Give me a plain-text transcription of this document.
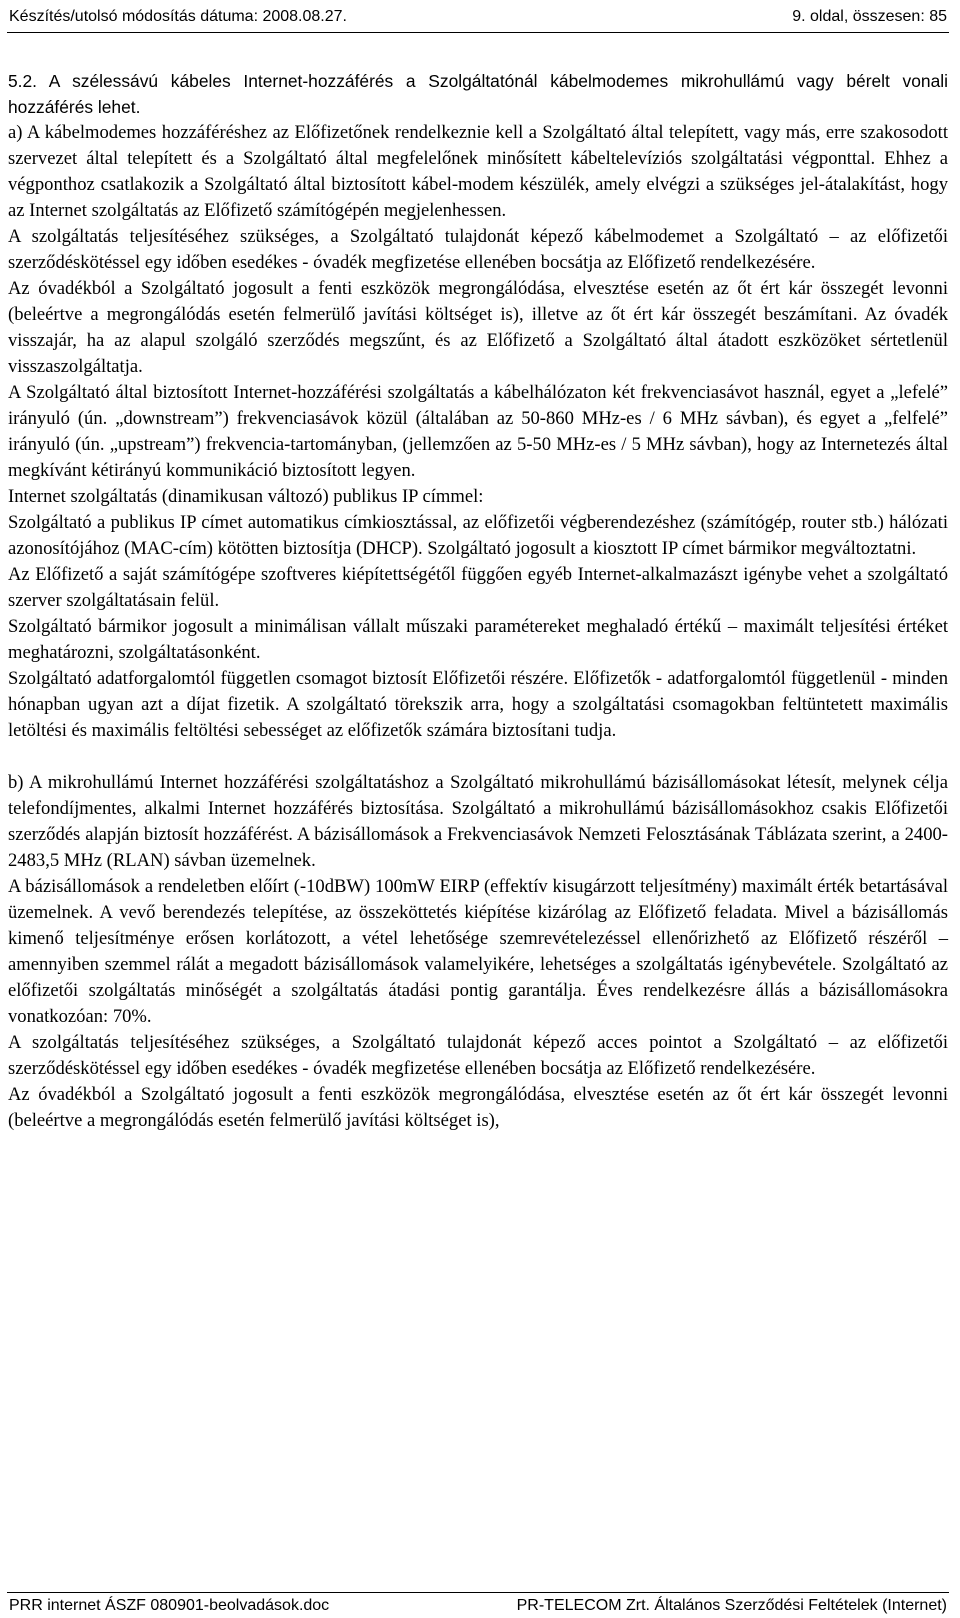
Készítés/utolsó módosítás dátuma: 2008.08.27.	9. oldal, összesen: 85

5.2. A szélessávú kábeles Internet-hozzáférés a Szolgáltatónál kábelmodemes mikrohullámú vagy bérelt vonali hozzáférés lehet.

a) A kábelmodemes hozzáféréshez az Előfizetőnek rendelkeznie kell a Szolgáltató által telepített, vagy más, erre szakosodott szervezet által telepített és a Szolgáltató által megfelelőnek minősített kábeltelevíziós szolgáltatási végponttal. Ehhez a végponthoz csatlakozik a Szolgáltató által biztosított kábel-modem készülék, amely elvégzi a szükséges jel-átalakítást, hogy az Internet szolgáltatás az Előfizető számítógépén megjelenhessen.

A szolgáltatás teljesítéséhez szükséges, a Szolgáltató tulajdonát képező kábelmodemet a Szolgáltató – az előfizetői szerződéskötéssel egy időben esedékes - óvadék megfizetése ellenében bocsátja az Előfizető rendelkezésére.

Az óvadékból a Szolgáltató jogosult a fenti eszközök megrongálódása, elvesztése esetén az őt ért kár összegét levonni (beleértve a megrongálódás esetén felmerülő javítási költséget is), illetve az őt ért kár összegét beszámítani. Az óvadék visszajár, ha az alapul szolgáló szerződés megszűnt, és az Előfizető a Szolgáltató által átadott eszközöket sértetlenül visszaszolgáltatja.

A Szolgáltató által biztosított Internet-hozzáférési szolgáltatás a kábelhálózaton két frekvenciasávot használ, egyet a „lefelé” irányuló (ún. „downstream”) frekvenciasávok közül (általában az 50-860 MHz-es / 6 MHz sávban), és egyet a „felfelé” irányuló (ún. „upstream”) frekvencia-tartományban, (jellemzően az 5-50 MHz-es / 5 MHz sávban), hogy az Internetezés által megkívánt kétirányú kommunikáció biztosított legyen.

Internet szolgáltatás (dinamikusan változó) publikus IP címmel:

Szolgáltató a publikus IP címet automatikus címkiosztással, az előfizetői végberendezéshez (számítógép, router stb.) hálózati azonosítójához (MAC-cím) kötötten biztosítja (DHCP). Szolgáltató jogosult a kiosztott IP címet bármikor megváltoztatni.

Az Előfizető a saját számítógépe szoftveres kiépítettségétől függően egyéb Internet-alkalmazászt igénybe vehet a szolgáltató szerver szolgáltatásain felül.

Szolgáltató bármikor jogosult a minimálisan vállalt műszaki paramétereket meghaladó értékű – maximált teljesítési értéket meghatározni, szolgáltatásonként.

Szolgáltató adatforgalomtól független csomagot biztosít Előfizetői részére. Előfizetők - adatforgalomtól függetlenül - minden hónapban ugyan azt a díjat fizetik. A szolgáltató törekszik arra, hogy a szolgáltatási csomagokban feltüntetett maximális letöltési és maximális feltöltési sebességet az előfizetők számára biztosítani tudja.

b) A mikrohullámú Internet hozzáférési szolgáltatáshoz a Szolgáltató mikrohullámú bázisállomásokat létesít, melynek célja telefondíjmentes, alkalmi Internet hozzáférés biztosítása. Szolgáltató a mikrohullámú bázisállomásokhoz csakis Előfizetői szerződés alapján biztosít hozzáférést. A bázisállomások a Frekvenciasávok Nemzeti Felosztásának Táblázata szerint, a 2400-2483,5 MHz (RLAN) sávban üzemelnek.

A bázisállomások a rendeletben előírt (-10dBW) 100mW EIRP (effektív kisugárzott teljesítmény) maximált érték betartásával üzemelnek. A vevő berendezés telepítése, az összeköttetés kiépítése kizárólag az Előfizető feladata. Mivel a bázisállomás kimenő teljesítménye erősen korlátozott, a vétel lehetősége szemrevételezéssel ellenőrizhető az Előfizető részéről – amennyiben szemmel rálát a megadott bázisállomások valamelyikére, lehetséges a szolgáltatás igénybevétele. Szolgáltató az előfizetői szolgáltatás minőségét a szolgáltatás átadási pontig garantálja. Éves rendelkezésre állás a bázisállomásokra vonatkozóan: 70%.

A szolgáltatás teljesítéséhez szükséges, a Szolgáltató tulajdonát képező acces pointot a Szolgáltató – az előfizetői szerződéskötéssel egy időben esedékes - óvadék megfizetése ellenében bocsátja az Előfizető rendelkezésére.

Az óvadékból a Szolgáltató jogosult a fenti eszközök megrongálódása, elvesztése esetén az őt ért kár összegét levonni (beleértve a megrongálódás esetén felmerülő javítási költséget is),

PRR internet ÁSZF 080901-beolvadások.doc	PR-TELECOM Zrt. Általános Szerződési Feltételek (Internet)
